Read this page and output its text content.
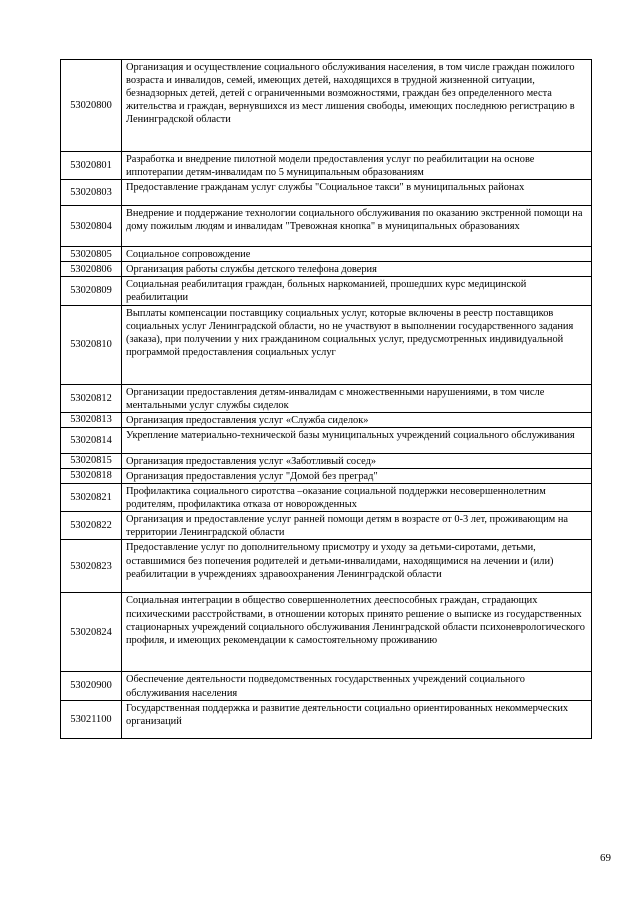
53020800	Организация и осуществление социального обслуживания населения, в том числе граждан пожилого возраста и инвалидов, семей, имеющих детей, находящихся в трудной жизненной ситуации, безнадзорных детей, детей с ограниченными возможностями, граждан без определенного места жительства и граждан, вернувшихся из мест лишения свободы, имеющих последнюю регистрацию в Ленинградской области
53020801	Разработка и внедрение пилотной модели предоставления услуг по реабилитации на основе иппотерапии детям-инвалидам по 5 муниципальным образованиям
53020803	Предоставление гражданам услуг службы "Социальное такси" в муниципальных районах
53020804	Внедрение и поддержание технологии социального обслуживания по оказанию экстренной помощи на дому пожилым людям и инвалидам "Тревожная кнопка" в муниципальных образованиях
53020805	Социальное сопровождение
53020806	Организация работы службы детского телефона доверия
53020809	Социальная реабилитация граждан, больных наркоманией, прошедших курс медицинской реабилитации
53020810	Выплаты компенсации поставщику социальных услуг, которые включены в реестр поставщиков социальных услуг Ленинградской области, но не участвуют в выполнении государственного задания (заказа), при получении у них гражданином социальных услуг, предусмотренных индивидуальной программой предоставления социальных услуг
53020812	Организации предоставления детям-инвалидам с множественными нарушениями, в том числе ментальными услуг службы сиделок
53020813	Организация предоставления услуг «Служба сиделок»
53020814	Укрепление материально-технической базы муниципальных учреждений социального обслуживания
53020815	Организация предоставления услуг «Заботливый сосед»
53020818	Организация предоставления услуг "Домой без преград"
53020821	Профилактика социального сиротства –оказание социальной поддержки несовершеннолетним родителям, профилактика отказа от новорожденных
53020822	Организация и предоставление услуг ранней помощи детям в возрасте от 0-3 лет, проживающим на территории Ленинградской области
53020823	Предоставление услуг по дополнительному присмотру и уходу за детьми-сиротами, детьми, оставшимися без попечения родителей и детьми-инвалидами, находящимися на лечении и (или) реабилитации в учреждениях здравоохранения Ленинградской области
53020824	Социальная интеграции в общество совершеннолетних дееспособных граждан, страдающих психическими расстройствами, в отношении которых принято решение о выписке из государственных стационарных учреждений социального обслуживания Ленинградской области психоневрологического профиля, и имеющих рекомендации к самостоятельному проживанию
53020900	Обеспечение деятельности подведомственных государственных учреждений социального обслуживания населения
53021100	Государственная поддержка и развитие деятельности социально ориентированных некоммерческих организаций
69
